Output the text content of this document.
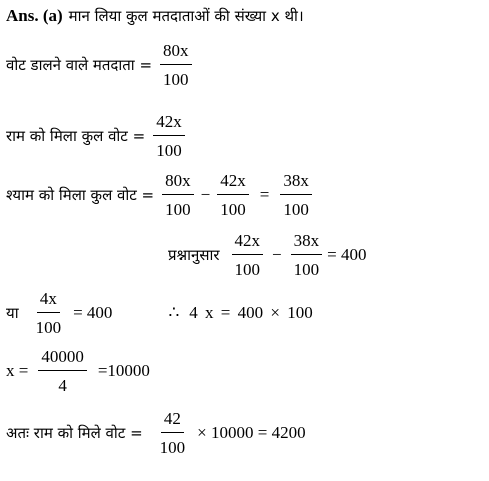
Ans. (a) मान लिया कुल मतदाताओं की संख्या x थी।
वोट डालने वाले मतदाता = $\frac{80x}{100}$
राम को मिला कुल वोट = $\frac{42x}{100}$
श्याम को मिला कुल वोट = $\frac{80x}{100} - \frac{42x}{100} = \frac{38x}{100}$
प्रश्नानुसार $\frac{42x}{100} - \frac{38x}{100} = 400$
या $\frac{4x}{100} = 400$	∴ 4 x = 400 × 100
$x = \frac{40000}{4} =10000$
अतः राम को मिले वोट = $\frac{42}{100} \times 10000 = 4200$
